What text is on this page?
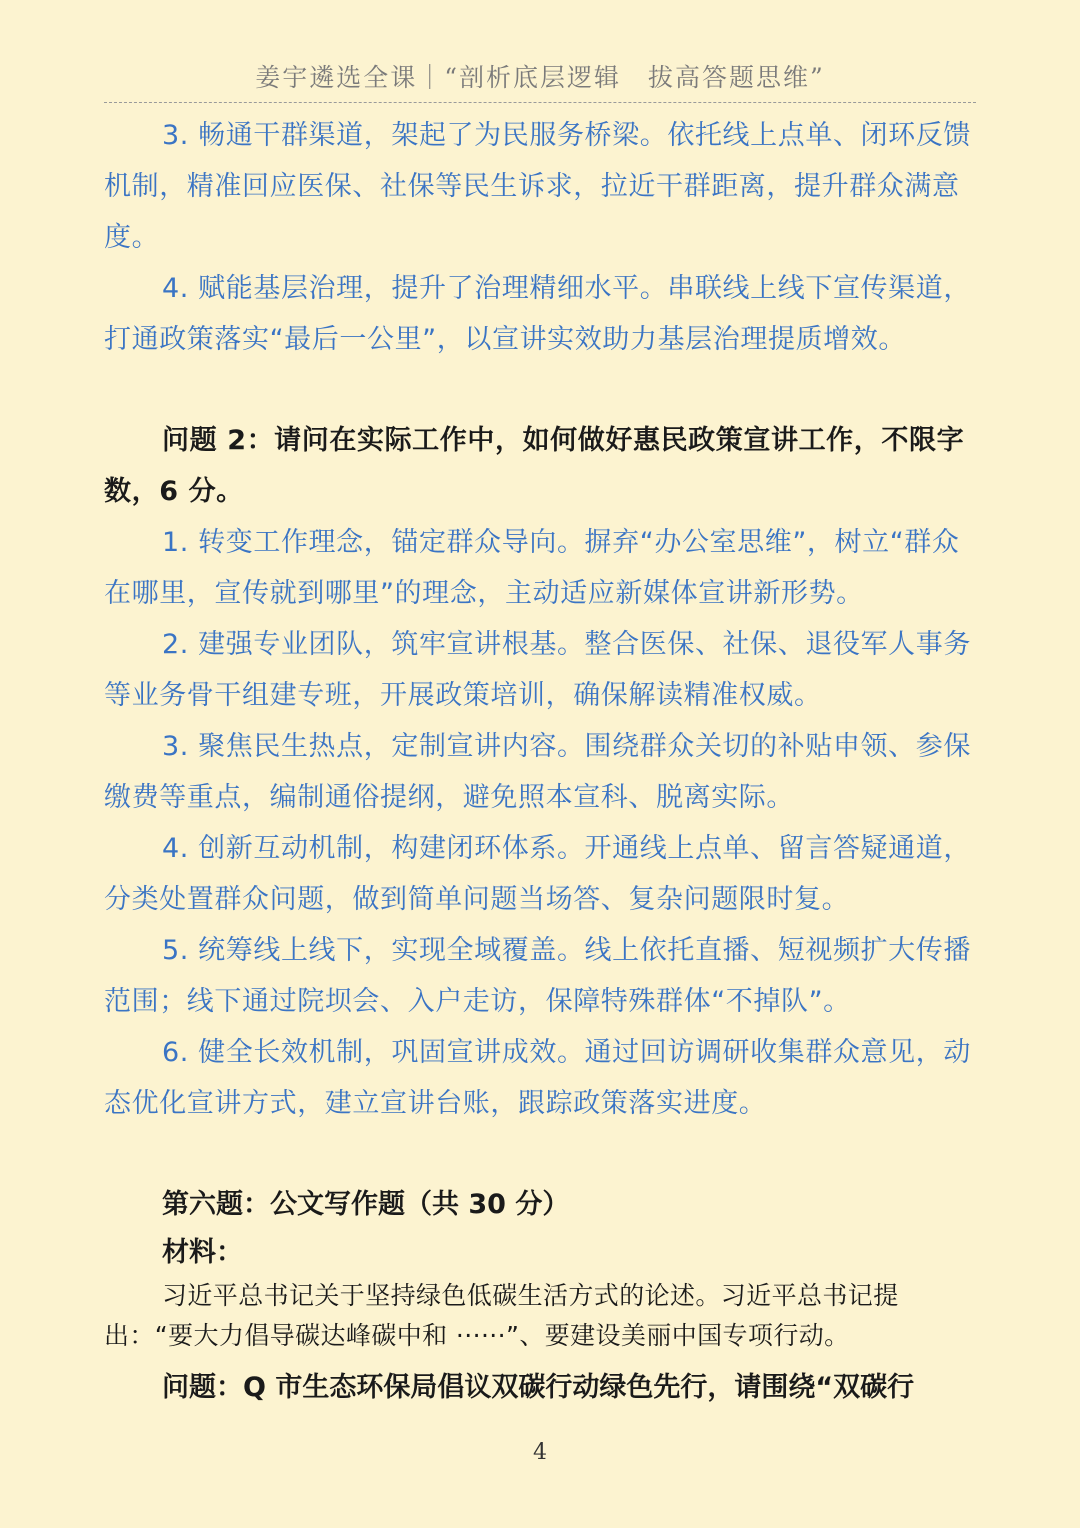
姜宇遴选全课｜“剖析底层逻辑　拔高答题思维”

3. 畅通干群渠道，架起了为民服务桥梁。依托线上点单、闭环反馈机制，精准回应医保、社保等民生诉求，拉近干群距离，提升群众满意度。

4. 赋能基层治理，提升了治理精细水平。串联线上线下宣传渠道，打通政策落实“最后一公里”，以宣讲实效助力基层治理提质增效。

问题 2：请问在实际工作中，如何做好惠民政策宣讲工作，不限字数，6 分。

1. 转变工作理念，锚定群众导向。摒弃“办公室思维”，树立“群众在哪里，宣传就到哪里”的理念，主动适应新媒体宣讲新形势。

2. 建强专业团队，筑牢宣讲根基。整合医保、社保、退役军人事务等业务骨干组建专班，开展政策培训，确保解读精准权威。

3. 聚焦民生热点，定制宣讲内容。围绕群众关切的补贴申领、参保缴费等重点，编制通俗提纲，避免照本宣科、脱离实际。

4. 创新互动机制，构建闭环体系。开通线上点单、留言答疑通道，分类处置群众问题，做到简单问题当场答、复杂问题限时复。

5. 统筹线上线下，实现全域覆盖。线上依托直播、短视频扩大传播范围；线下通过院坝会、入户走访，保障特殊群体“不掉队”。

6. 健全长效机制，巩固宣讲成效。通过回访调研收集群众意见，动态优化宣讲方式，建立宣讲台账，跟踪政策落实进度。

第六题：公文写作题（共 30 分）

材料：

习近平总书记关于坚持绿色低碳生活方式的论述。习近平总书记提出：“要大力倡导碳达峰碳中和 ······”、要建设美丽中国专项行动。

问题：Q 市生态环保局倡议双碳行动绿色先行，请围绕“双碳行

4
